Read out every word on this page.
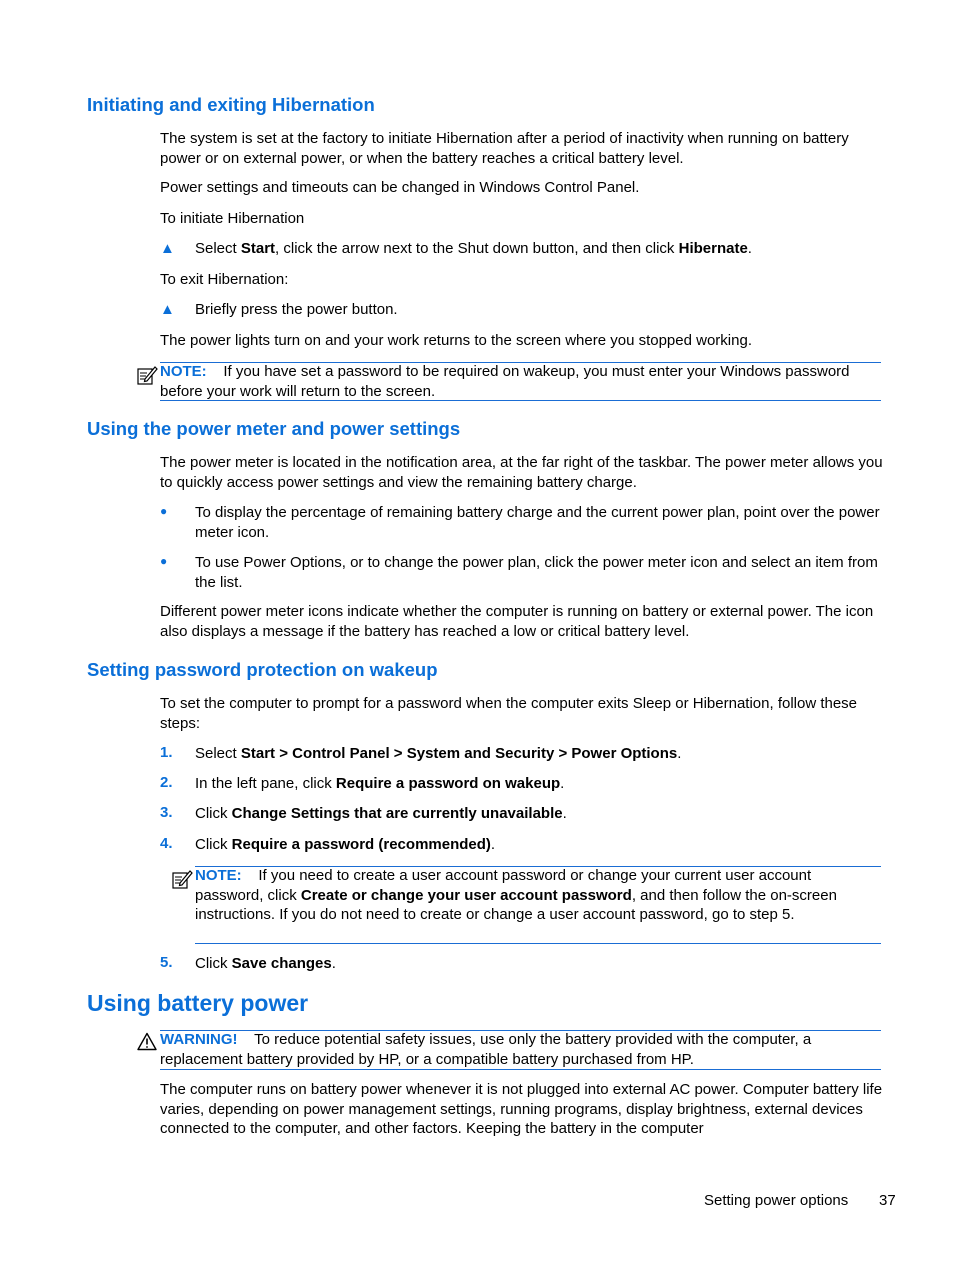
Initiating and exiting Hibernation

The system is set at the factory to initiate Hibernation after a period of inactivity when running on battery power or on external power, or when the battery reaches a critical battery level.

Power settings and timeouts can be changed in Windows Control Panel.

To initiate Hibernation

▲ Select Start, click the arrow next to the Shut down button, and then click Hibernate.

To exit Hibernation:

▲ Briefly press the power button.

The power lights turn on and your work returns to the screen where you stopped working.

NOTE: If you have set a password to be required on wakeup, you must enter your Windows password before your work will return to the screen.

Using the power meter and power settings

The power meter is located in the notification area, at the far right of the taskbar. The power meter allows you to quickly access power settings and view the remaining battery charge.

● To display the percentage of remaining battery charge and the current power plan, point over the power meter icon.

● To use Power Options, or to change the power plan, click the power meter icon and select an item from the list.

Different power meter icons indicate whether the computer is running on battery or external power. The icon also displays a message if the battery has reached a low or critical battery level.

Setting password protection on wakeup

To set the computer to prompt for a password when the computer exits Sleep or Hibernation, follow these steps:

1. Select Start > Control Panel > System and Security > Power Options.

2. In the left pane, click Require a password on wakeup.

3. Click Change Settings that are currently unavailable.

4. Click Require a password (recommended).

NOTE: If you need to create a user account password or change your current user account password, click Create or change your user account password, and then follow the on-screen instructions. If you do not need to create or change a user account password, go to step 5.

5. Click Save changes.

Using battery power

WARNING! To reduce potential safety issues, use only the battery provided with the computer, a replacement battery provided by HP, or a compatible battery purchased from HP.

The computer runs on battery power whenever it is not plugged into external AC power. Computer battery life varies, depending on power management settings, running programs, display brightness, external devices connected to the computer, and other factors. Keeping the battery in the computer

Setting power options 37
